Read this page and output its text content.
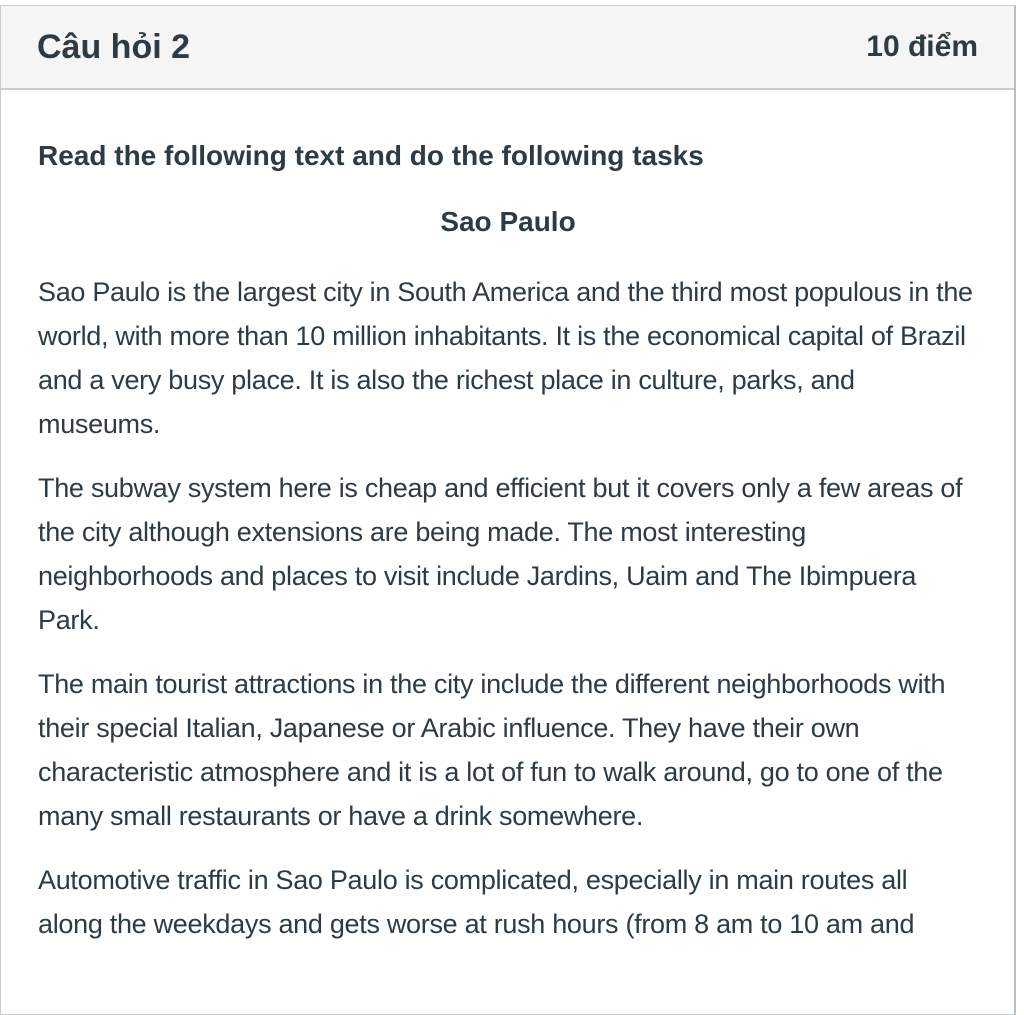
Câu hỏi 2	10 điểm

Read the following text and do the following tasks

Sao Paulo

Sao Paulo is the largest city in South America and the third most populous in the world, with more than 10 million inhabitants. It is the economical capital of Brazil and a very busy place. It is also the richest place in culture, parks, and museums.

The subway system here is cheap and efficient but it covers only a few areas of the city although extensions are being made. The most interesting neighborhoods and places to visit include Jardins, Uaim and The Ibimpuera Park.

The main tourist attractions in the city include the different neighborhoods with their special Italian, Japanese or Arabic influence. They have their own characteristic atmosphere and it is a lot of fun to walk around, go to one of the many small restaurants or have a drink somewhere.

Automotive traffic in Sao Paulo is complicated, especially in main routes all along the weekdays and gets worse at rush hours (from 8 am to 10 am and
